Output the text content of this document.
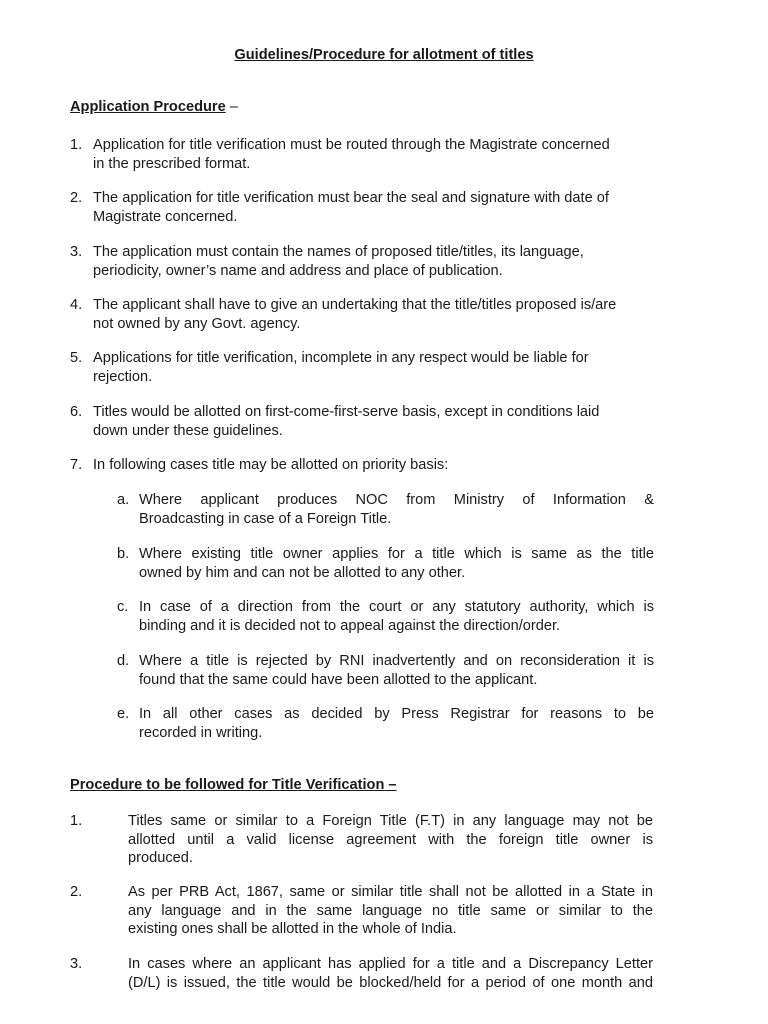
Guidelines/Procedure for allotment of titles
Application Procedure –
1. Application for title verification must be routed through the Magistrate concerned
in the prescribed format.
2. The application for title verification must bear the seal and signature with date of
Magistrate concerned.
3. The application must contain the names of proposed title/titles, its language,
periodicity, owner’s name and address and place of publication.
4. The applicant shall have to give an undertaking that the title/titles proposed is/are
not owned by any Govt. agency.
5. Applications for title verification, incomplete in any respect would be liable for
rejection.
6. Titles would be allotted on first-come-first-serve basis, except in conditions laid
down under these guidelines.
7. In following cases title may be allotted on priority basis:
a. Where applicant produces NOC from Ministry of Information &
Broadcasting in case of a Foreign Title.
b. Where existing title owner applies for a title which is same as the title
owned by him and can not be allotted to any other.
c. In case of a direction from the court or any statutory authority, which is
binding and it is decided not to appeal against the direction/order.
d. Where a title is rejected by RNI inadvertently and on reconsideration it is
found that the same could have been allotted to the applicant.
e. In all other cases as decided by Press Registrar for reasons to be
recorded in writing.
Procedure to be followed for Title Verification –
1.	Titles same or similar to a Foreign Title (F.T) in any language may not be
allotted until a valid license agreement with the foreign title owner is
produced.
2.	As per PRB Act, 1867, same or similar title shall not be allotted in a State in
any language and in the same language no title same or similar to the
existing ones shall be allotted in the whole of India.
3.	In cases where an applicant has applied for a title and a Discrepancy Letter
(D/L) is issued, the title would be blocked/held for a period of one month and
